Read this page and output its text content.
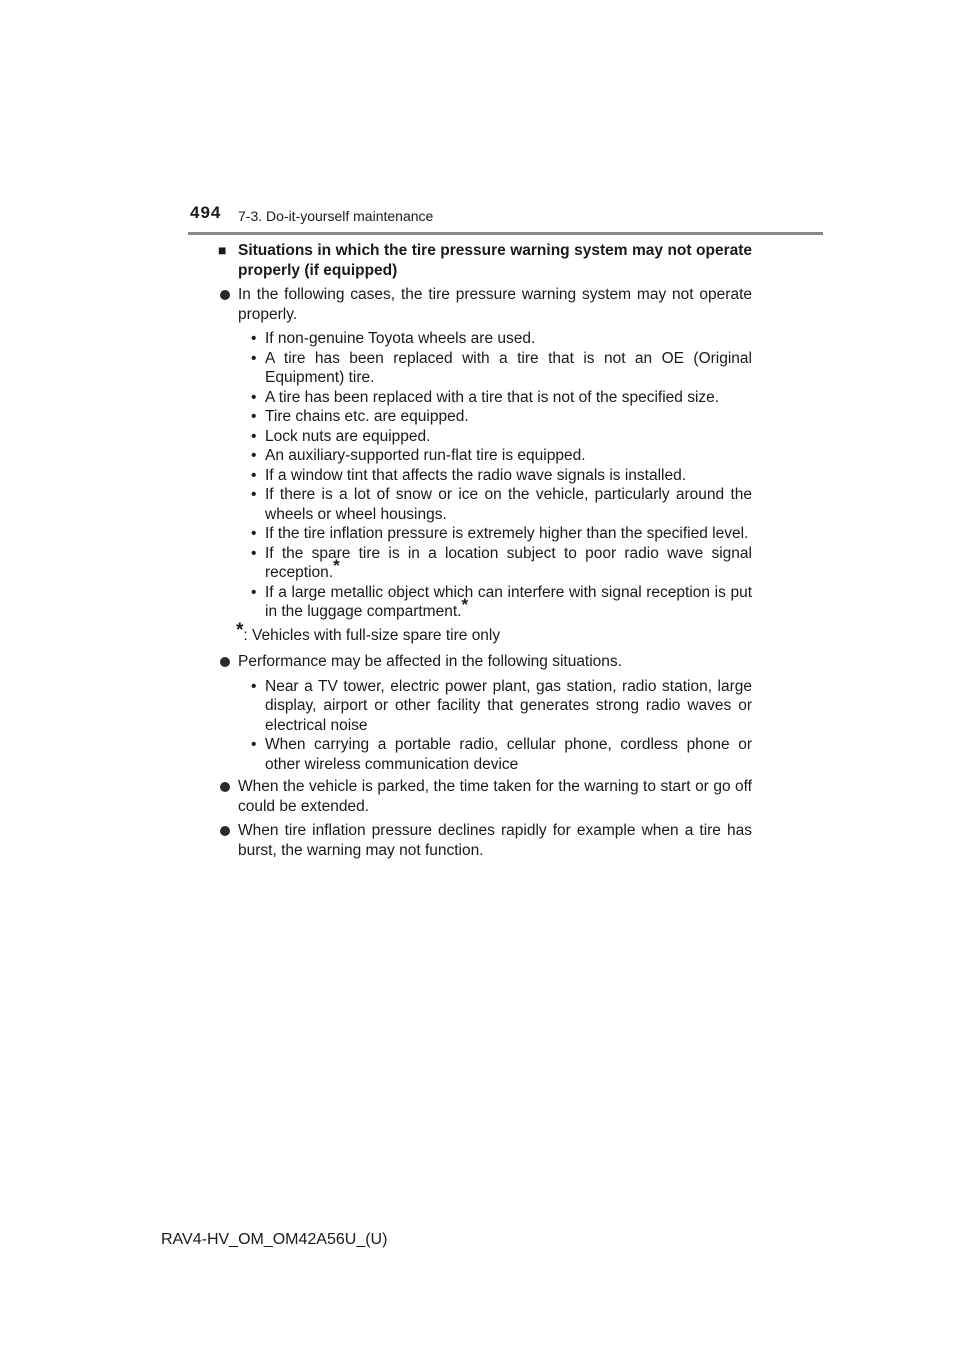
494 7-3. Do-it-yourself maintenance
■ Situations in which the tire pressure warning system may not operate properly (if equipped)
In the following cases, the tire pressure warning system may not operate properly.
• If non-genuine Toyota wheels are used.
• A tire has been replaced with a tire that is not an OE (Original Equipment) tire.
• A tire has been replaced with a tire that is not of the specified size.
• Tire chains etc. are equipped.
• Lock nuts are equipped.
• An auxiliary-supported run-flat tire is equipped.
• If a window tint that affects the radio wave signals is installed.
• If there is a lot of snow or ice on the vehicle, particularly around the wheels or wheel housings.
• If the tire inflation pressure is extremely higher than the specified level.
• If the spare tire is in a location subject to poor radio wave signal reception.*
• If a large metallic object which can interfere with signal reception is put in the luggage compartment.*
*: Vehicles with full-size spare tire only
Performance may be affected in the following situations.
• Near a TV tower, electric power plant, gas station, radio station, large display, airport or other facility that generates strong radio waves or electrical noise
• When carrying a portable radio, cellular phone, cordless phone or other wireless communication device
When the vehicle is parked, the time taken for the warning to start or go off could be extended.
When tire inflation pressure declines rapidly for example when a tire has burst, the warning may not function.
RAV4-HV_OM_OM42A56U_(U)
